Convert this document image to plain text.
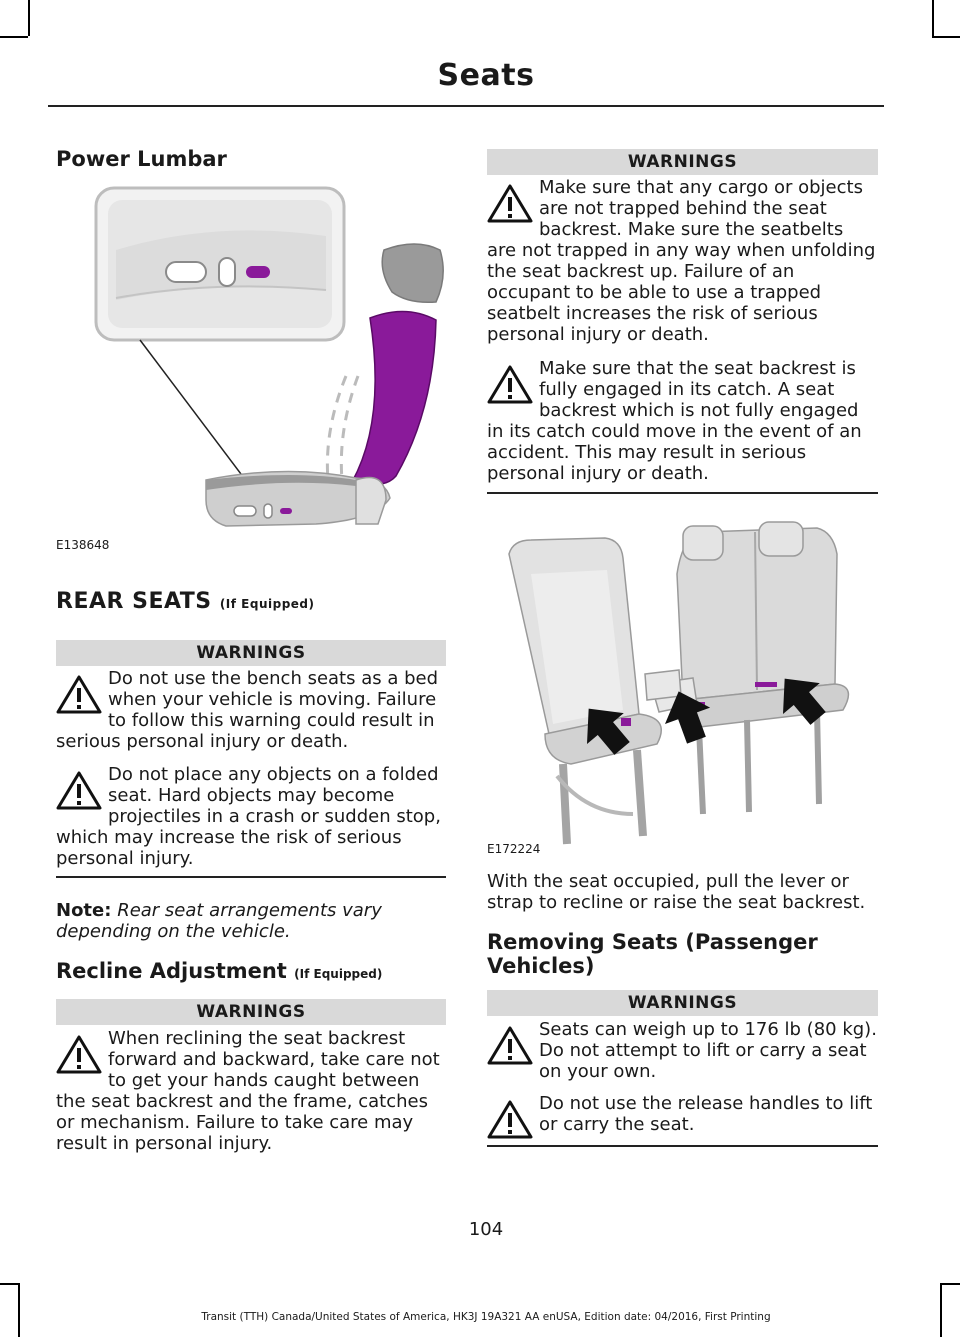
Seats
Power Lumbar
E138648
REAR SEATS (If Equipped)
WARNINGS
Do not use the bench seats as a bed when your vehicle is moving. Failure to follow this warning could result in serious personal injury or death.
Do not place any objects on a folded seat. Hard objects may become projectiles in a crash or sudden stop, which may increase the risk of serious personal injury.
Note: Rear seat arrangements vary depending on the vehicle.
Recline Adjustment (If Equipped)
WARNINGS
When reclining the seat backrest forward and backward, take care not to get your hands caught between the seat backrest and the frame, catches or mechanism. Failure to take care may result in personal injury.
WARNINGS
Make sure that any cargo or objects are not trapped behind the seat backrest. Make sure the seatbelts are not trapped in any way when unfolding the seat backrest up. Failure of an occupant to be able to use a trapped seatbelt increases the risk of serious personal injury or death.
Make sure that the seat backrest is fully engaged in its catch. A seat backrest which is not fully engaged in its catch could move in the event of an accident. This may result in serious personal injury or death.
E172224
With the seat occupied, pull the lever or strap to recline or raise the seat backrest.
Removing Seats (Passenger Vehicles)
WARNINGS
Seats can weigh up to 176 lb (80 kg). Do not attempt to lift or carry a seat on your own.
Do not use the release handles to lift or carry the seat.
104
Transit (TTH) Canada/United States of America, HK3J 19A321 AA enUSA, Edition date: 04/2016, First Printing
